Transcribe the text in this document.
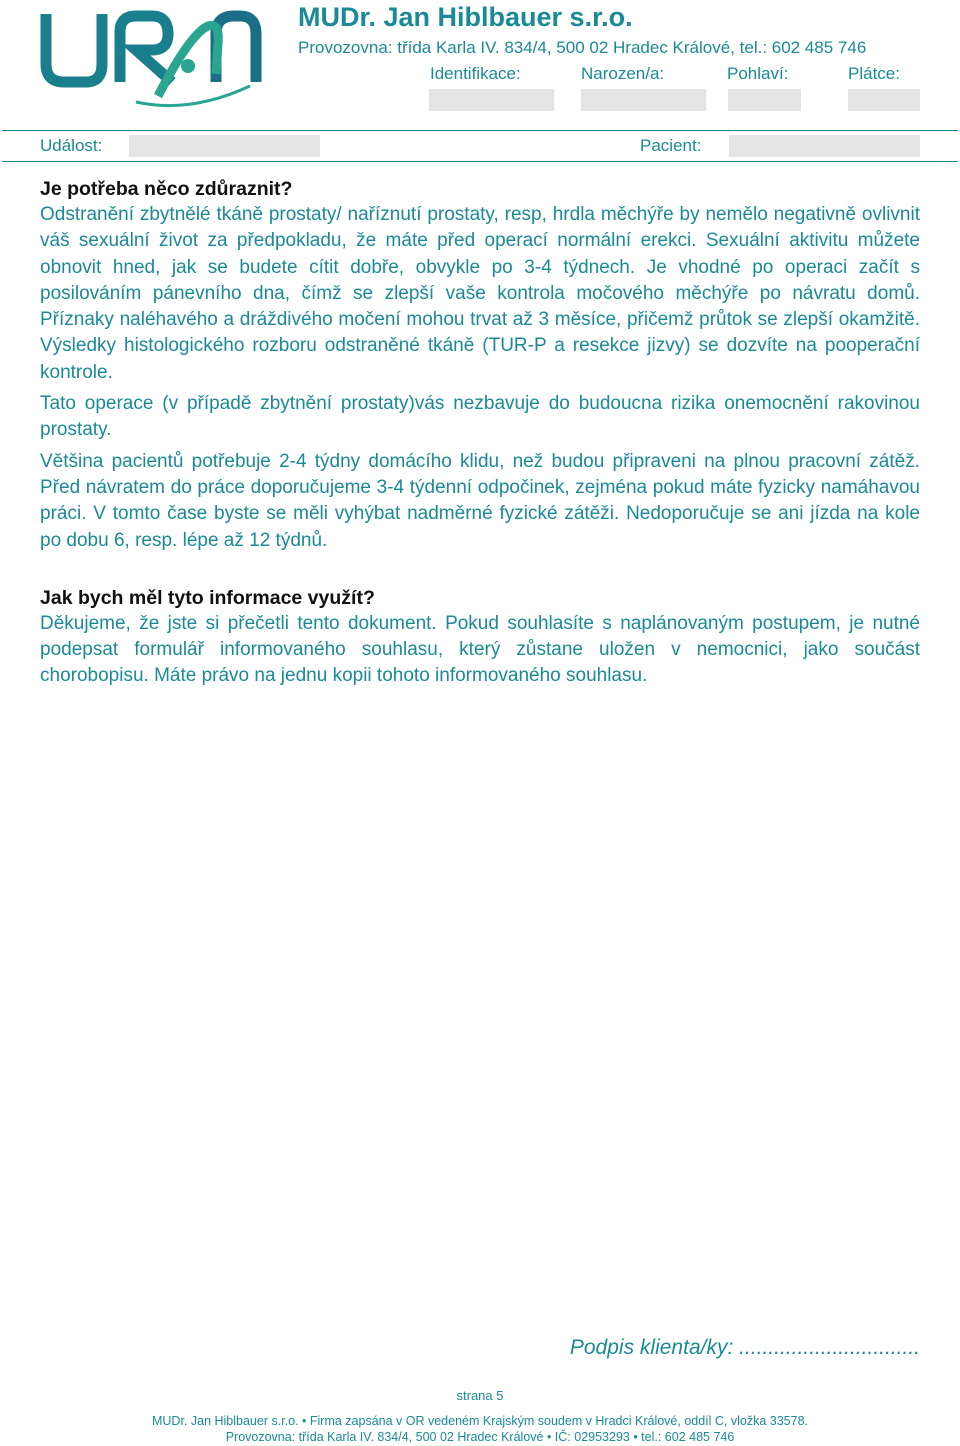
MUDr. Jan Hiblbauer s.r.o.
Provozovna: třída Karla IV. 834/4, 500 02 Hradec Králové, tel.: 602 485 746
Identifikace:	Narozen/a:	Pohlaví:	Plátce:
Událost:	Pacient:
Je potřeba něco zdůraznit?

Odstranění zbytnělé tkáně prostaty/ naříznutí prostaty, resp, hrdla měchýře by nemělo negativně ovlivnit váš sexuální život za předpokladu, že máte před operací normální erekci. Sexuální aktivitu můžete obnovit hned, jak se budete cítit dobře, obvykle po 3-4 týdnech. Je vhodné po operaci začít s posilováním pánevního dna, čímž se zlepší vaše kontrola močového měchýře po návratu domů. Příznaky naléhavého a dráždivého močení mohou trvat až 3 měsíce, přičemž průtok se zlepší okamžitě. Výsledky histologického rozboru odstraněné tkáně (TUR-P a resekce jizvy) se dozvíte na pooperační kontrole.

Tato operace (v případě zbytnění prostaty)vás nezbavuje do budoucna rizika onemocnění rakovinou prostaty.

Většina pacientů potřebuje 2-4 týdny domácího klidu, než budou připraveni na plnou pracovní zátěž. Před návratem do práce doporučujeme 3-4 týdenní odpočinek, zejména pokud máte fyzicky namáhavou práci. V tomto čase byste se měli vyhýbat nadměrné fyzické zátěži. Nedoporučuje se ani jízda na kole po dobu 6, resp. lépe až 12 týdnů.

Jak bych měl tyto informace využít?

Děkujeme, že jste si přečetli tento dokument. Pokud souhlasíte s naplánovaným postupem, je nutné podepsat formulář informovaného souhlasu, který zůstane uložen v nemocnici, jako součást chorobopisu. Máte právo na jednu kopii tohoto informovaného souhlasu.

Podpis klienta/ky: ...............................
strana 5
MUDr. Jan Hiblbauer s.r.o. • Firma zapsána v OR vedeném Krajským soudem v Hradci Králové, oddíl C, vložka 33578.
Provozovna: třída Karla IV. 834/4, 500 02 Hradec Králové • IČ: 02953293 • tel.: 602 485 746
